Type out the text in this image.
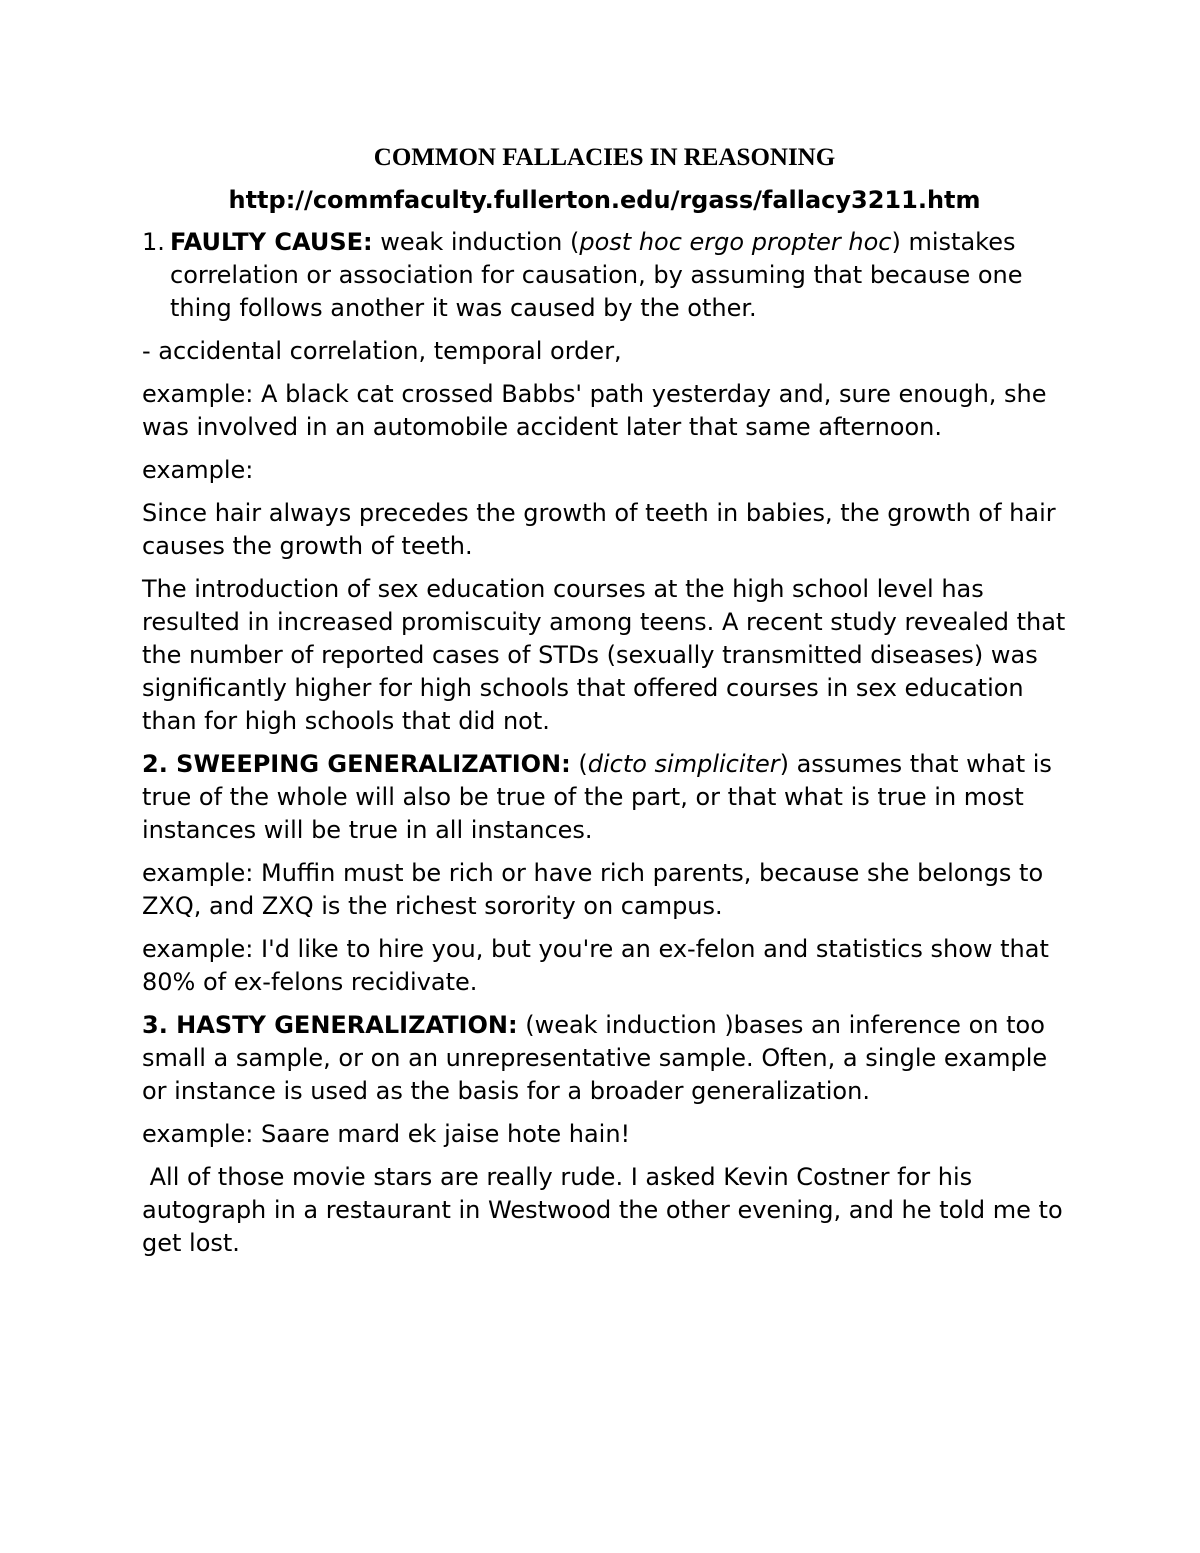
COMMON FALLACIES IN REASONING
http://commfaculty.fullerton.edu/rgass/fallacy3211.htm
1. FAULTY CAUSE: weak induction (post hoc ergo propter hoc) mistakes correlation or association for causation, by assuming that because one thing follows another it was caused by the other.

- accidental correlation, temporal order,

example: A black cat crossed Babbs' path yesterday and, sure enough, she was involved in an automobile accident later that same afternoon.

example:

Since hair always precedes the growth of teeth in babies, the growth of hair causes the growth of teeth.

The introduction of sex education courses at the high school level has resulted in increased promiscuity among teens. A recent study revealed that the number of reported cases of STDs (sexually transmitted diseases) was significantly higher for high schools that offered courses in sex education than for high schools that did not.

2. SWEEPING GENERALIZATION: (dicto simpliciter) assumes that what is true of the whole will also be true of the part, or that what is true in most instances will be true in all instances.

example: Muffin must be rich or have rich parents, because she belongs to ZXQ, and ZXQ is the richest sorority on campus.

example: I'd like to hire you, but you're an ex-felon and statistics show that 80% of ex-felons recidivate.

3. HASTY GENERALIZATION: (weak induction )bases an inference on too small a sample, or on an unrepresentative sample. Often, a single example or instance is used as the basis for a broader generalization.

example: Saare mard ek jaise hote hain!

All of those movie stars are really rude. I asked Kevin Costner for his autograph in a restaurant in Westwood the other evening, and he told me to get lost.
